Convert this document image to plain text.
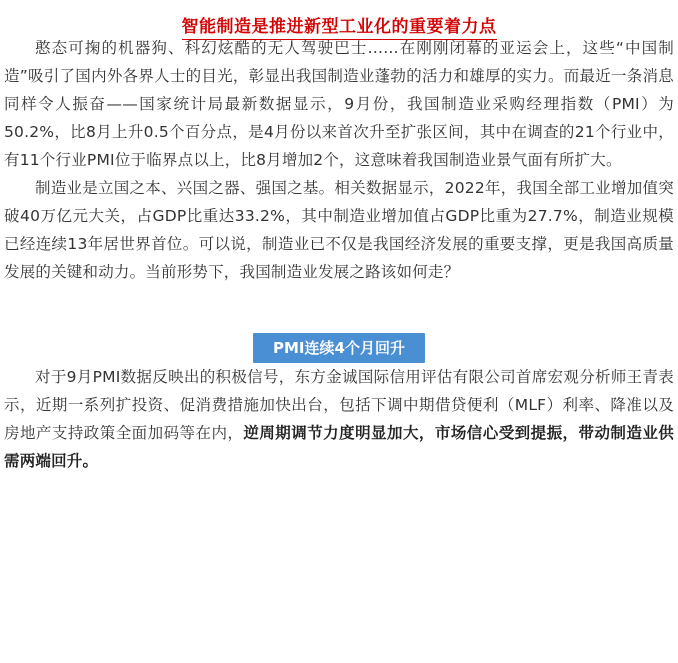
智能制造是推进新型工业化的重要着力点

憨态可掬的机器狗、科幻炫酷的无人驾驶巴士……在刚刚闭幕的亚运会上，这些“中国制造”吸引了国内外各界人士的目光，彰显出我国制造业蓬勃的活力和雄厚的实力。而最近一条消息同样令人振奋——国家统计局最新数据显示，9月份，我国制造业采购经理指数（PMI）为50.2%，比8月上升0.5个百分点，是4月份以来首次升至扩张区间，其中在调查的21个行业中，有11个行业PMI位于临界点以上，比8月增加2个，这意味着我国制造业景气面有所扩大。

制造业是立国之本、兴国之器、强国之基。相关数据显示，2022年，我国全部工业增加值突破40万亿元大关，占GDP比重达33.2%，其中制造业增加值占GDP比重为27.7%，制造业规模已经连续13年居世界首位。可以说，制造业已不仅是我国经济发展的重要支撑，更是我国高质量发展的关键和动力。当前形势下，我国制造业发展之路该如何走？

PMI连续4个月回升

对于9月PMI数据反映出的积极信号，东方金诚国际信用评估有限公司首席宏观分析师王青表示，近期一系列扩投资、促消费措施加快出台，包括下调中期借贷便利（MLF）利率、降准以及房地产支持政策全面加码等在内，逆周期调节力度明显加大，市场信心受到提振，带动制造业供需两端回升。
